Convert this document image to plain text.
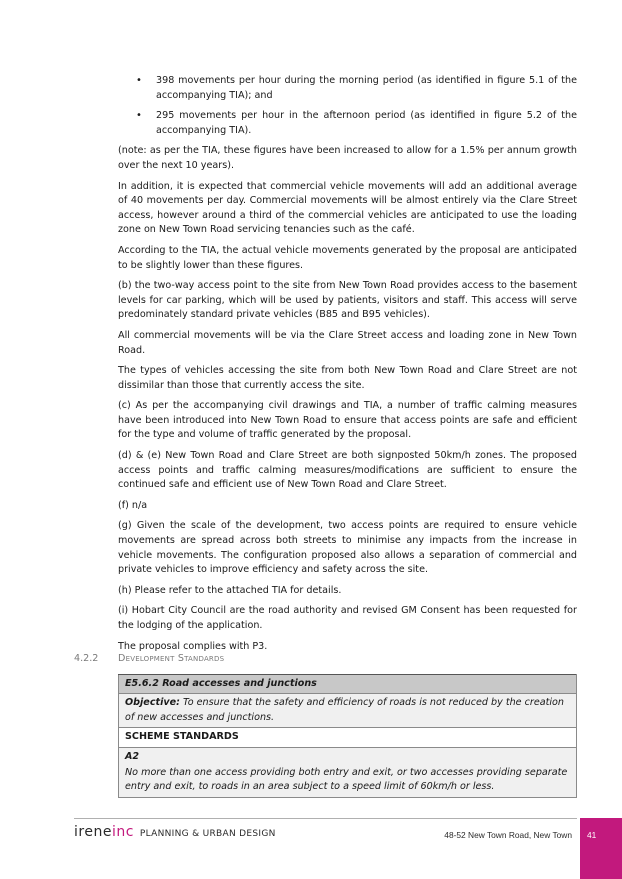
• 398 movements per hour during the morning period (as identified in figure 5.1 of the accompanying TIA); and
• 295 movements per hour in the afternoon period (as identified in figure 5.2 of the accompanying TIA).

(note: as per the TIA, these figures have been increased to allow for a 1.5% per annum growth over the next 10 years).

In addition, it is expected that commercial vehicle movements will add an additional average of 40 movements per day. Commercial movements will be almost entirely via the Clare Street access, however around a third of the commercial vehicles are anticipated to use the loading zone on New Town Road servicing tenancies such as the café.

According to the TIA, the actual vehicle movements generated by the proposal are anticipated to be slightly lower than these figures.

(b) the two-way access point to the site from New Town Road provides access to the basement levels for car parking, which will be used by patients, visitors and staff. This access will serve predominately standard private vehicles (B85 and B95 vehicles).

All commercial movements will be via the Clare Street access and loading zone in New Town Road.

The types of vehicles accessing the site from both New Town Road and Clare Street are not dissimilar than those that currently access the site.

(c) As per the accompanying civil drawings and TIA, a number of traffic calming measures have been introduced into New Town Road to ensure that access points are safe and efficient for the type and volume of traffic generated by the proposal.

(d) & (e) New Town Road and Clare Street are both signposted 50km/h zones. The proposed access points and traffic calming measures/modifications are sufficient to ensure the continued safe and efficient use of New Town Road and Clare Street.

(f) n/a

(g) Given the scale of the development, two access points are required to ensure vehicle movements are spread across both streets to minimise any impacts from the increase in vehicle movements. The configuration proposed also allows a separation of commercial and private vehicles to improve efficiency and safety across the site.

(h) Please refer to the attached TIA for details.

(i) Hobart City Council are the road authority and revised GM Consent has been requested for the lodging of the application.

The proposal complies with P3.

4.2.2 Development Standards
E5.6.2 Road accesses and junctions
Objective: To ensure that the safety and efficiency of roads is not reduced by the creation of new accesses and junctions.
SCHEME STANDARDS

A2
No more than one access providing both entry and exit, or two accesses providing separate entry and exit, to roads in an area subject to a speed limit of 60km/h or less.
ireneinc PLANNING & URBAN DESIGN	48-52 New Town Road, New Town 41
